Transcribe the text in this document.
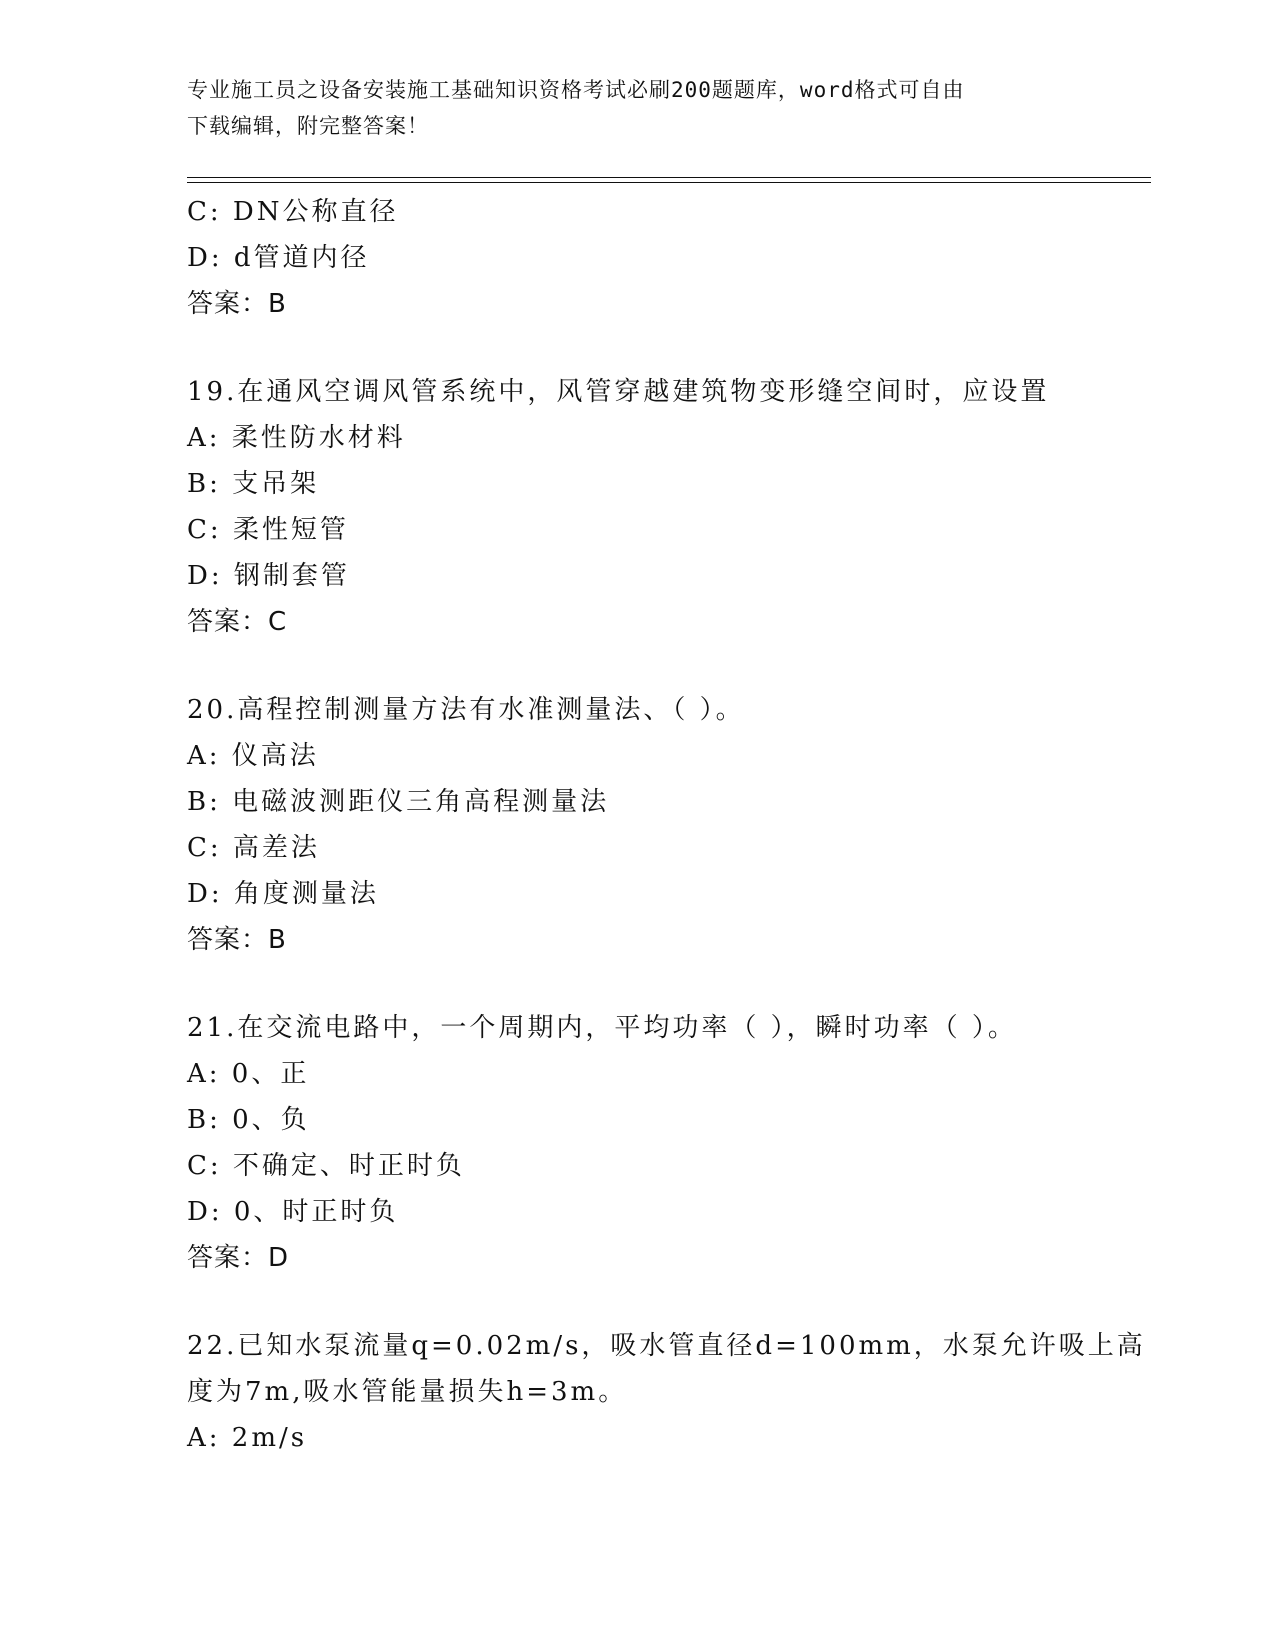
专业施工员之设备安装施工基础知识资格考试必刷200题题库，word格式可自由
下载编辑，附完整答案！
C: DN公称直径
D: d管道内径
答案：B
19.在通风空调风管系统中，风管穿越建筑物变形缝空间时，应设置
A: 柔性防水材料
B: 支吊架
C: 柔性短管
D: 钢制套管
答案：C
20.高程控制测量方法有水准测量法、（ ）。
A: 仪高法
B: 电磁波测距仪三角高程测量法
C: 高差法
D: 角度测量法
答案：B
21.在交流电路中，一个周期内，平均功率（ ），瞬时功率（ ）。
A: 0、正
B: 0、负
C: 不确定、时正时负
D: 0、时正时负
答案：D
22.已知水泵流量q=0.02m/s，吸水管直径d=100mm，水泵允许吸上高
度为7m,吸水管能量损失h=3m。
A: 2m/s
